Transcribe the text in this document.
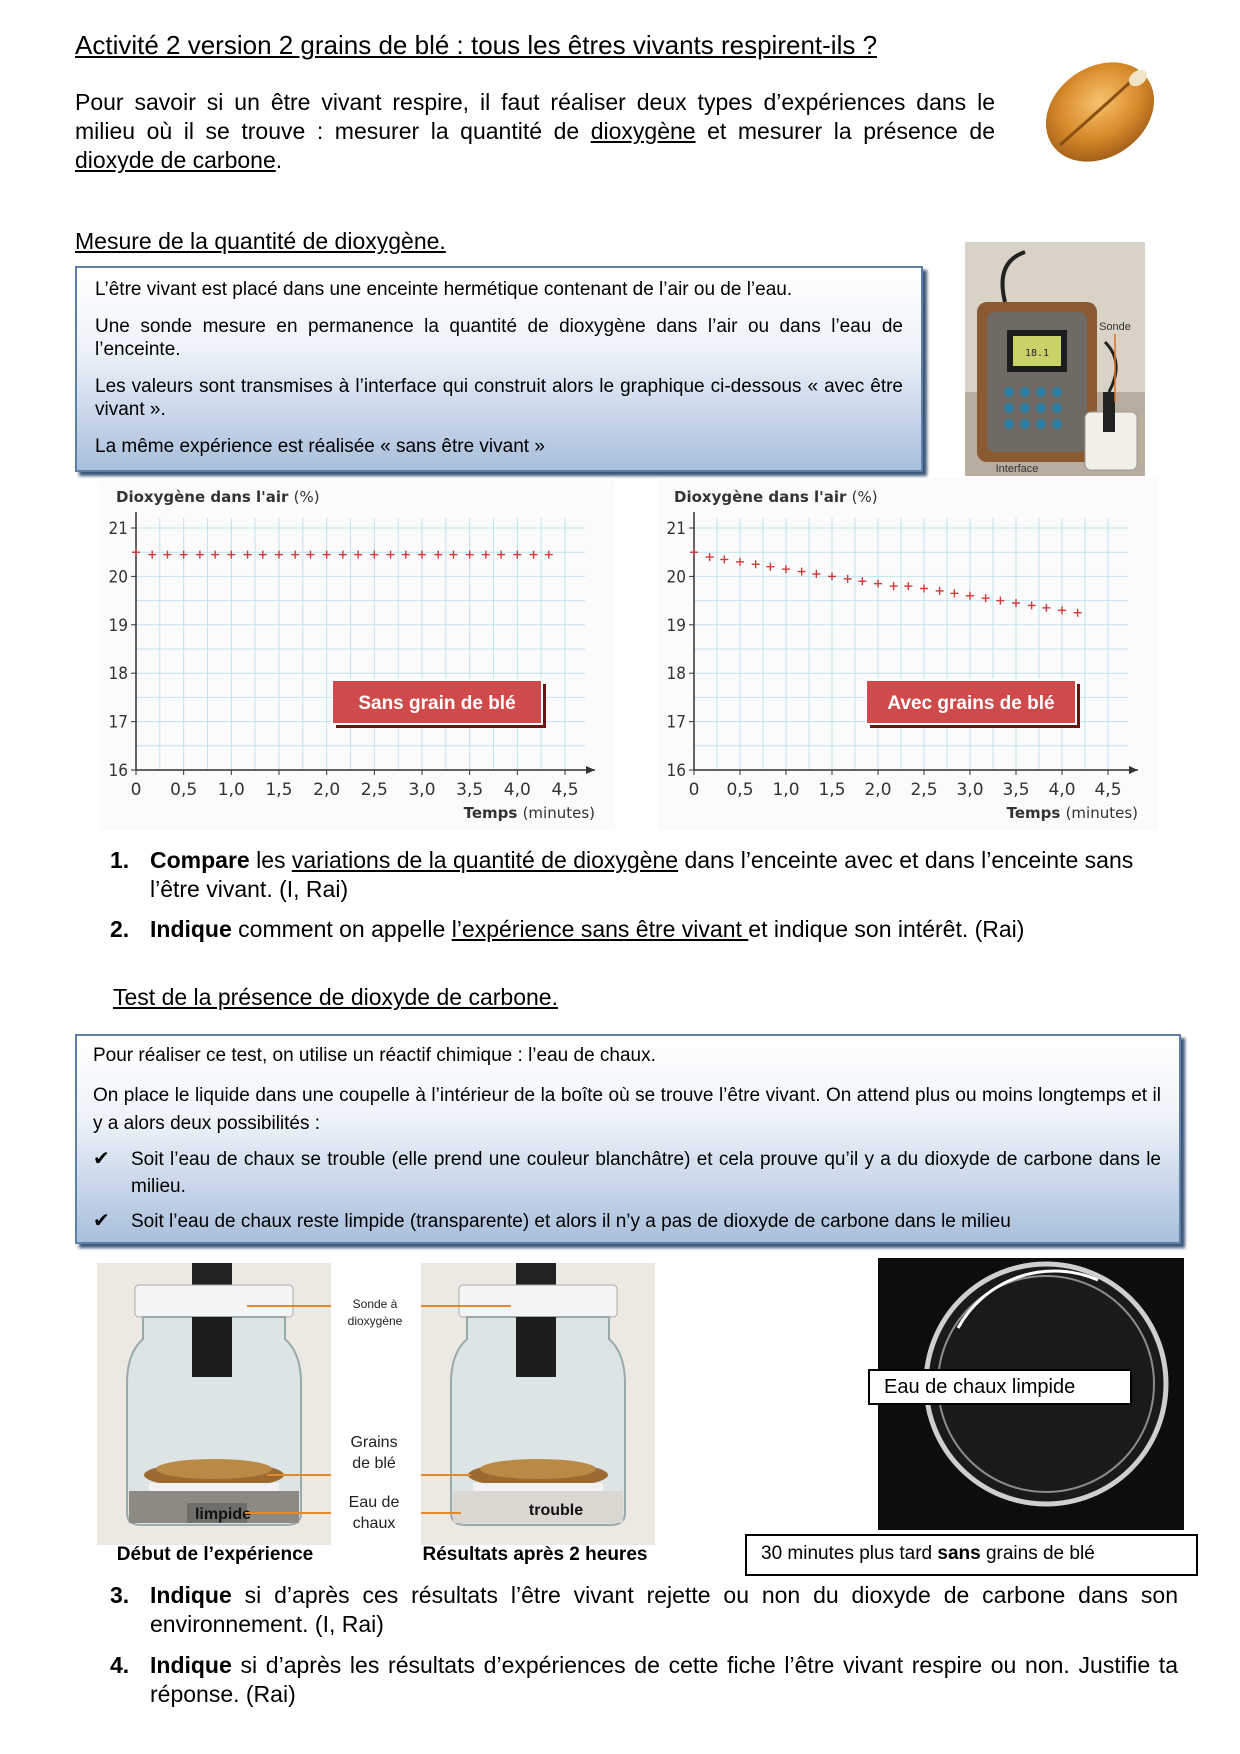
Activité 2 version 2 grains de blé : tous les êtres vivants respirent-ils ?
Pour savoir si un être vivant respire, il faut réaliser deux types d’expériences dans le milieu où il se trouve : mesurer la quantité de dioxygène et mesurer la présence de dioxyde de carbone.
Mesure de la quantité de dioxygène.

L’être vivant est placé dans une enceinte hermétique contenant de l’air ou de l’eau.

Une sonde mesure en permanence la quantité de dioxygène dans l’air ou dans l’eau de l’enceinte.

Les valeurs sont transmises à l’interface qui construit alors le graphique ci-dessous « avec être vivant ».

La même expérience est réalisée « sans être vivant »

18.1
Sonde
Interface
16
17
18
19
20
21
0 0,5 1,0 1,5 2,0 2,5 3,0 3,5 4,0 4,5
Dioxygène dans l'air (%)
Temps (minutes)
Sans grain de blé
16
17
18
19
20
21
0 0,5 1,0 1,5 2,0 2,5 3,0 3,5 4,0 4,5
Dioxygène dans l'air (%)
Temps (minutes)
Avec grains de blé
1. Compare les variations de la quantité de dioxygène dans l’enceinte avec et dans l’enceinte sans l’être vivant. (I, Rai)
2. Indique comment on appelle l’expérience sans être vivant et indique son intérêt. (Rai)
Test de la présence de dioxyde de carbone.

Pour réaliser ce test, on utilise un réactif chimique : l’eau de chaux.

On place le liquide dans une coupelle à l’intérieur de la boîte où se trouve l’être vivant. On attend plus ou moins longtemps et il y a alors deux possibilités :

✔ Soit l’eau de chaux se trouble (elle prend une couleur blanchâtre) et cela prouve qu’il y a du dioxyde de carbone dans le milieu.

✔ Soit l’eau de chaux reste limpide (transparente) et alors il n’y a pas de dioxyde de carbone dans le milieu

limpide
Sonde à dioxygène
Grains de blé
Eau de chaux
trouble
Début de l’expérience	Résultats après 2 heures
Eau de chaux limpide
30 minutes plus tard sans grains de blé
3. Indique si d’après ces résultats l’être vivant rejette ou non du dioxyde de carbone dans son environnement. (I, Rai)
4. Indique si d’après les résultats d’expériences de cette fiche l’être vivant respire ou non. Justifie ta réponse. (Rai)
